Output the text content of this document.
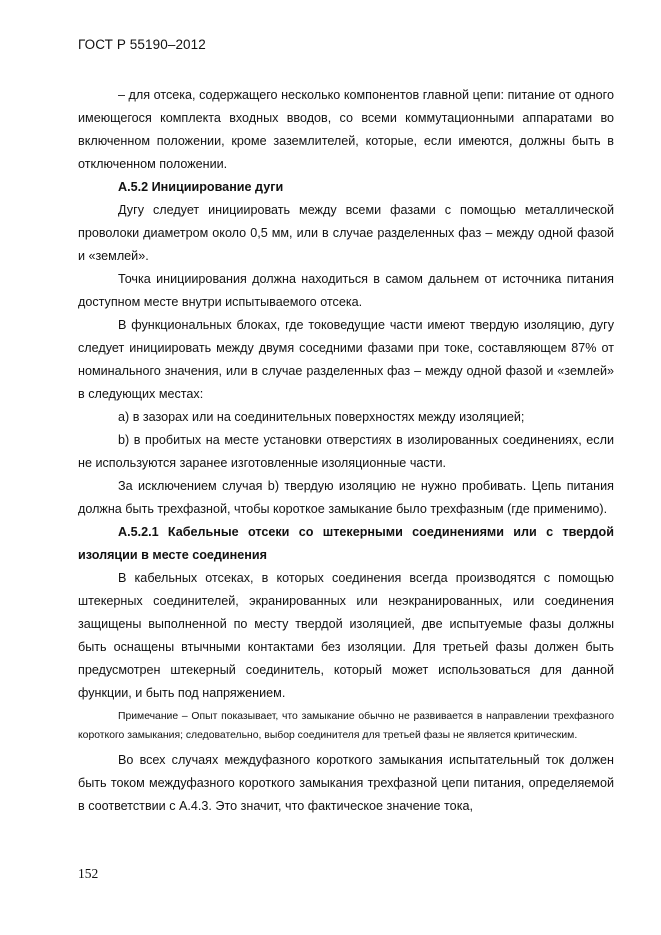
ГОСТ Р 55190–2012

– для отсека, содержащего несколько компонентов главной цепи: питание от одного имеющегося комплекта входных вводов, со всеми коммутационными аппаратами во включенном положении, кроме заземлителей, которые, если имеются, должны быть в отключенном положении.

А.5.2 Инициирование дуги

Дугу следует инициировать между всеми фазами с помощью металлической проволоки диаметром около 0,5 мм, или в случае разделенных фаз – между одной фазой и «землей».

Точка инициирования должна находиться в самом дальнем от источника питания доступном месте внутри испытываемого отсека.

В функциональных блоках, где токоведущие части имеют твердую изоляцию, дугу следует инициировать между двумя соседними фазами при токе, составляющем 87% от номинального значения, или в случае разделенных фаз – между одной фазой и «землей» в следующих местах:

a) в зазорах или на соединительных поверхностях между изоляцией;

b) в пробитых на месте установки отверстиях в изолированных соединениях, если не используются заранее изготовленные изоляционные части.

За исключением случая b) твердую изоляцию не нужно пробивать. Цепь питания должна быть трехфазной, чтобы короткое замыкание было трехфазным (где применимо).

А.5.2.1 Кабельные отсеки со штекерными соединениями или с твердой изоляции в месте соединения

В кабельных отсеках, в которых соединения всегда производятся с помощью штекерных соединителей, экранированных или неэкранированных, или соединения защищены выполненной по месту твердой изоляцией, две испытуемые фазы должны быть оснащены втычными контактами без изоляции. Для третьей фазы должен быть предусмотрен штекерный соединитель, который может использоваться для данной функции, и быть под напряжением.

Примечание – Опыт показывает, что замыкание обычно не развивается в направлении трехфазного короткого замыкания; следовательно, выбор соединителя для третьей фазы не является критическим.

Во всех случаях междуфазного короткого замыкания испытательный ток должен быть током междуфазного короткого замыкания трехфазной цепи питания, определяемой в соответствии с А.4.3. Это значит, что фактическое значение тока,

152
